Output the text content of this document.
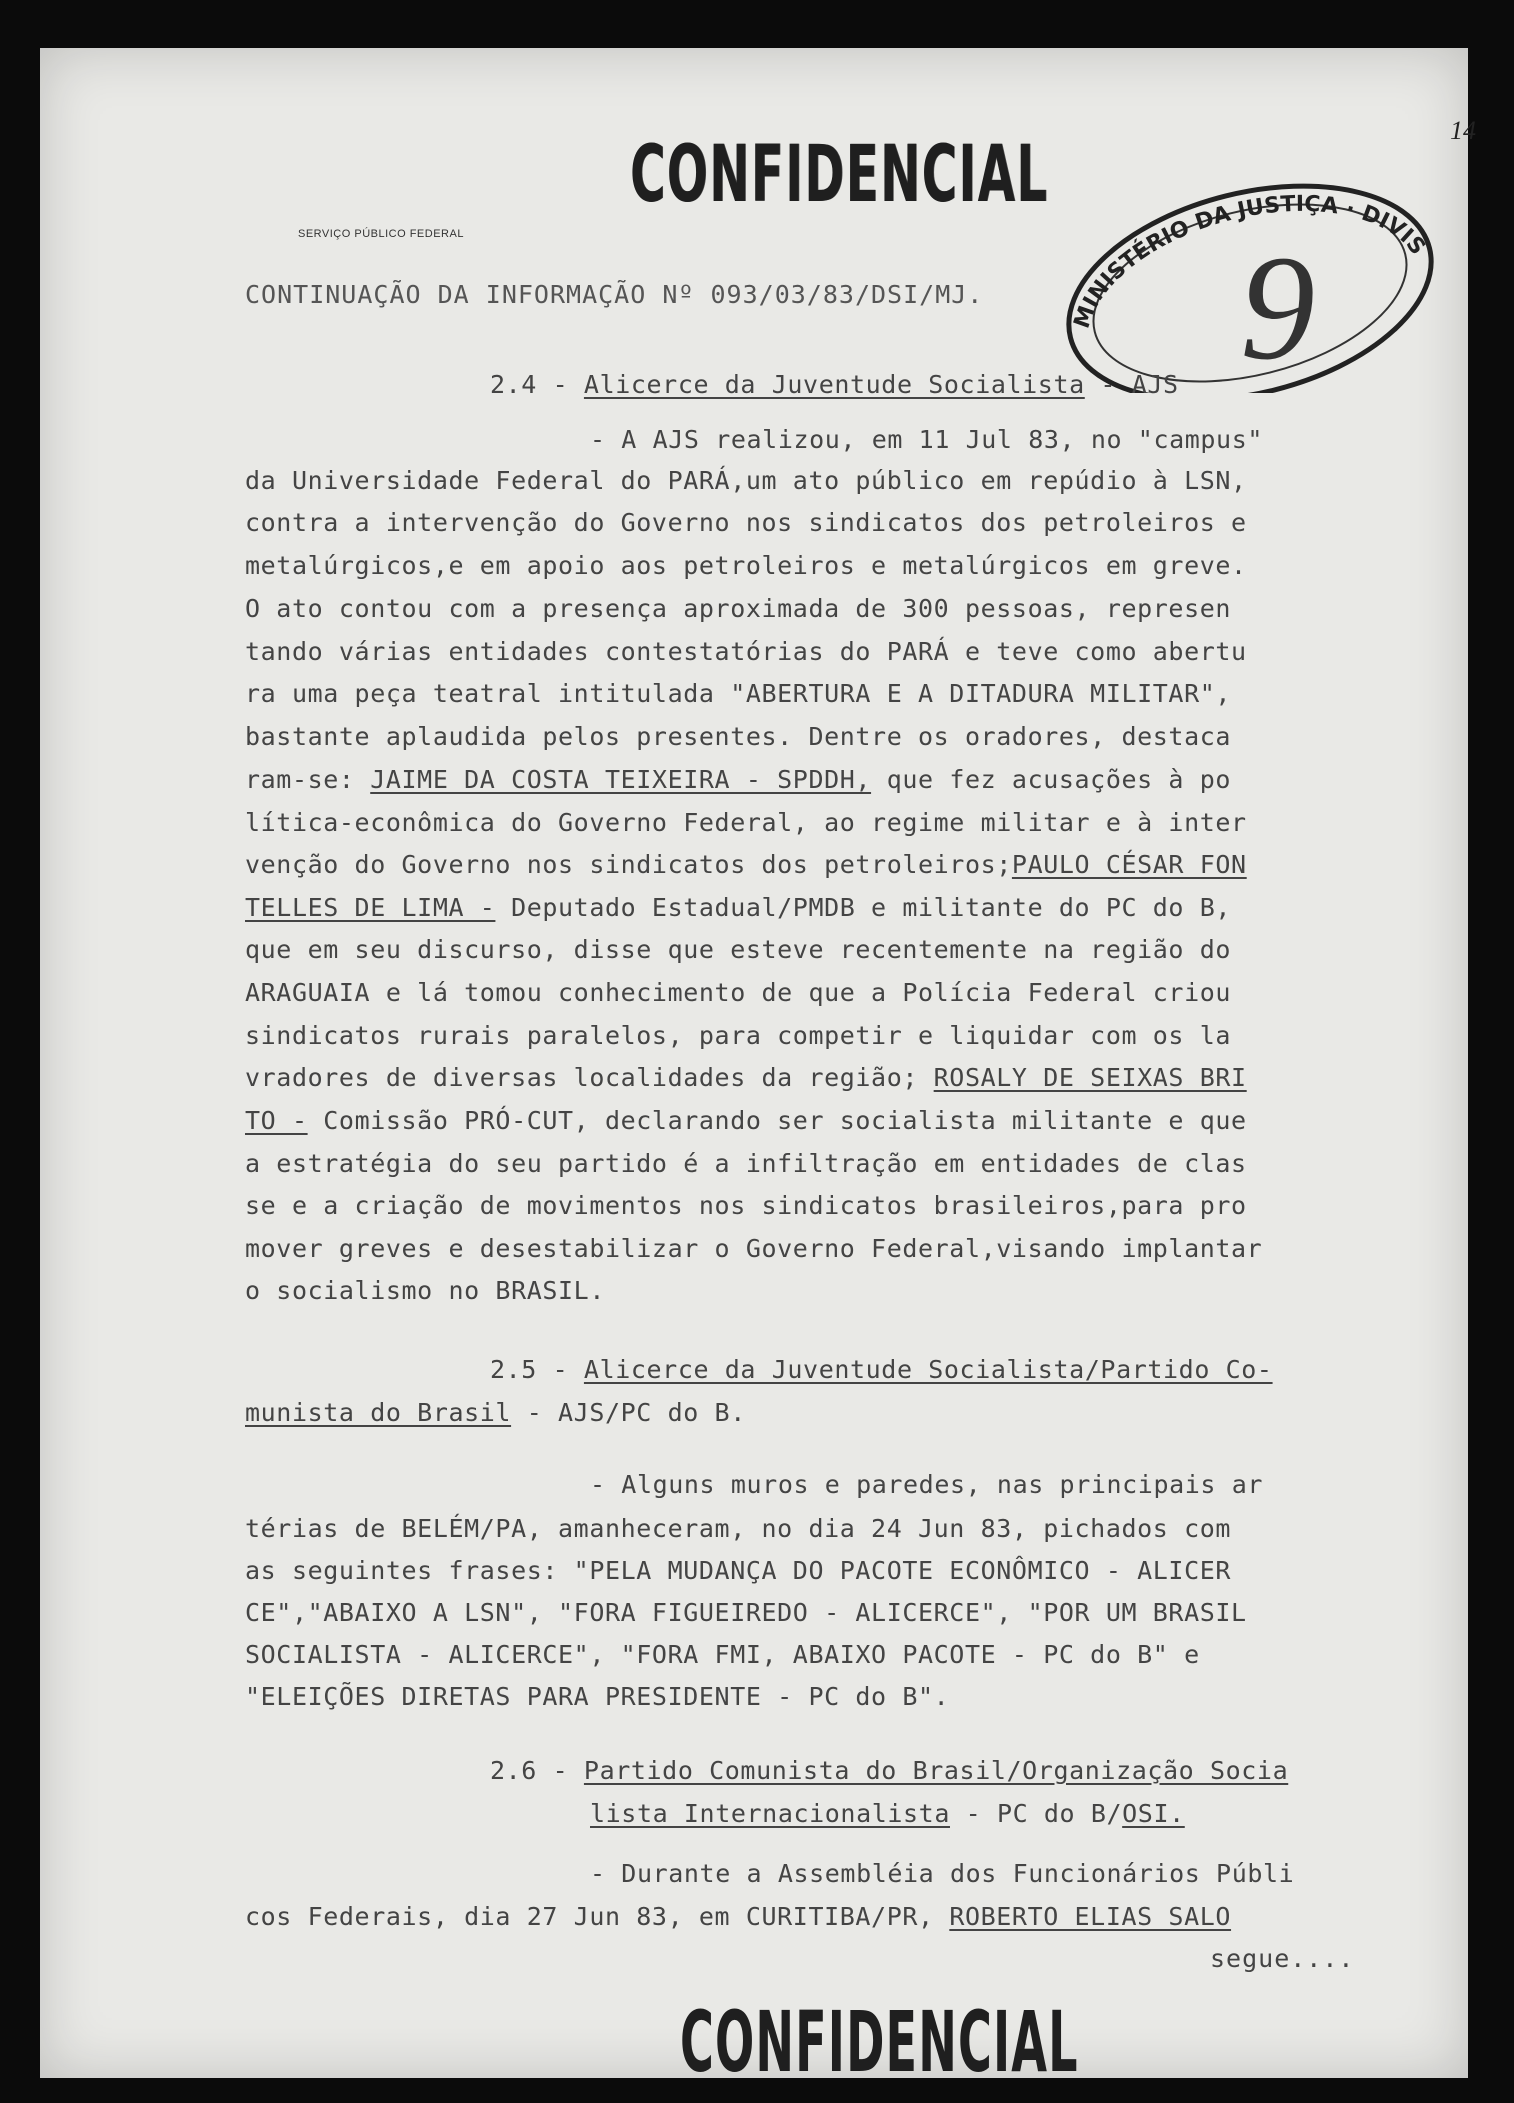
CONFIDENCIAL
SERVIÇO PÚBLICO FEDERAL
14
MINISTÉRIO DA JUSTIÇA · DIVISÃO
9
CONFIDENCIAL
CONTINUAÇÃO DA INFORMAÇÃO Nº 093/03/83/DSI/MJ.
segue....
2.4 - Alicerce da Juventude Socialista - AJS
- A AJS realizou, em 11 Jul 83, no "campus"
da Universidade Federal do PARÁ,um ato público em repúdio à LSN,
contra a intervenção do Governo nos sindicatos dos petroleiros e
metalúrgicos,e em apoio aos petroleiros e metalúrgicos em greve.
O ato contou com a presença aproximada de 300 pessoas, represen
tando várias entidades contestatórias do PARÁ e teve como abertu
ra uma peça teatral intitulada "ABERTURA E A DITADURA MILITAR",
bastante aplaudida pelos presentes. Dentre os oradores, destaca
ram-se: JAIME DA COSTA TEIXEIRA - SPDDH, que fez acusações à po
lítica-econômica do Governo Federal, ao regime militar e à inter
venção do Governo nos sindicatos dos petroleiros;PAULO CÉSAR FON
TELLES DE LIMA - Deputado Estadual/PMDB e militante do PC do B,
que em seu discurso, disse que esteve recentemente na região do
ARAGUAIA e lá tomou conhecimento de que a Polícia Federal criou
sindicatos rurais paralelos, para competir e liquidar com os la
vradores de diversas localidades da região; ROSALY DE SEIXAS BRI
TO - Comissão PRÓ-CUT, declarando ser socialista militante e que
a estratégia do seu partido é a infiltração em entidades de clas
se e a criação de movimentos nos sindicatos brasileiros,para pro
mover greves e desestabilizar o Governo Federal,visando implantar
o socialismo no BRASIL.
2.5 - Alicerce da Juventude Socialista/Partido Co-
munista do Brasil - AJS/PC do B.
- Alguns muros e paredes, nas principais ar
térias de BELÉM/PA, amanheceram, no dia 24 Jun 83, pichados com
as seguintes frases: "PELA MUDANÇA DO PACOTE ECONÔMICO - ALICER
CE","ABAIXO A LSN", "FORA FIGUEIREDO - ALICERCE", "POR UM BRASIL
SOCIALISTA - ALICERCE", "FORA FMI, ABAIXO PACOTE - PC do B" e
"ELEIÇÕES DIRETAS PARA PRESIDENTE - PC do B".
2.6 - Partido Comunista do Brasil/Organização Socia
lista Internacionalista - PC do B/OSI.
- Durante a Assembléia dos Funcionários Públi
cos Federais, dia 27 Jun 83, em CURITIBA/PR, ROBERTO ELIAS SALO
